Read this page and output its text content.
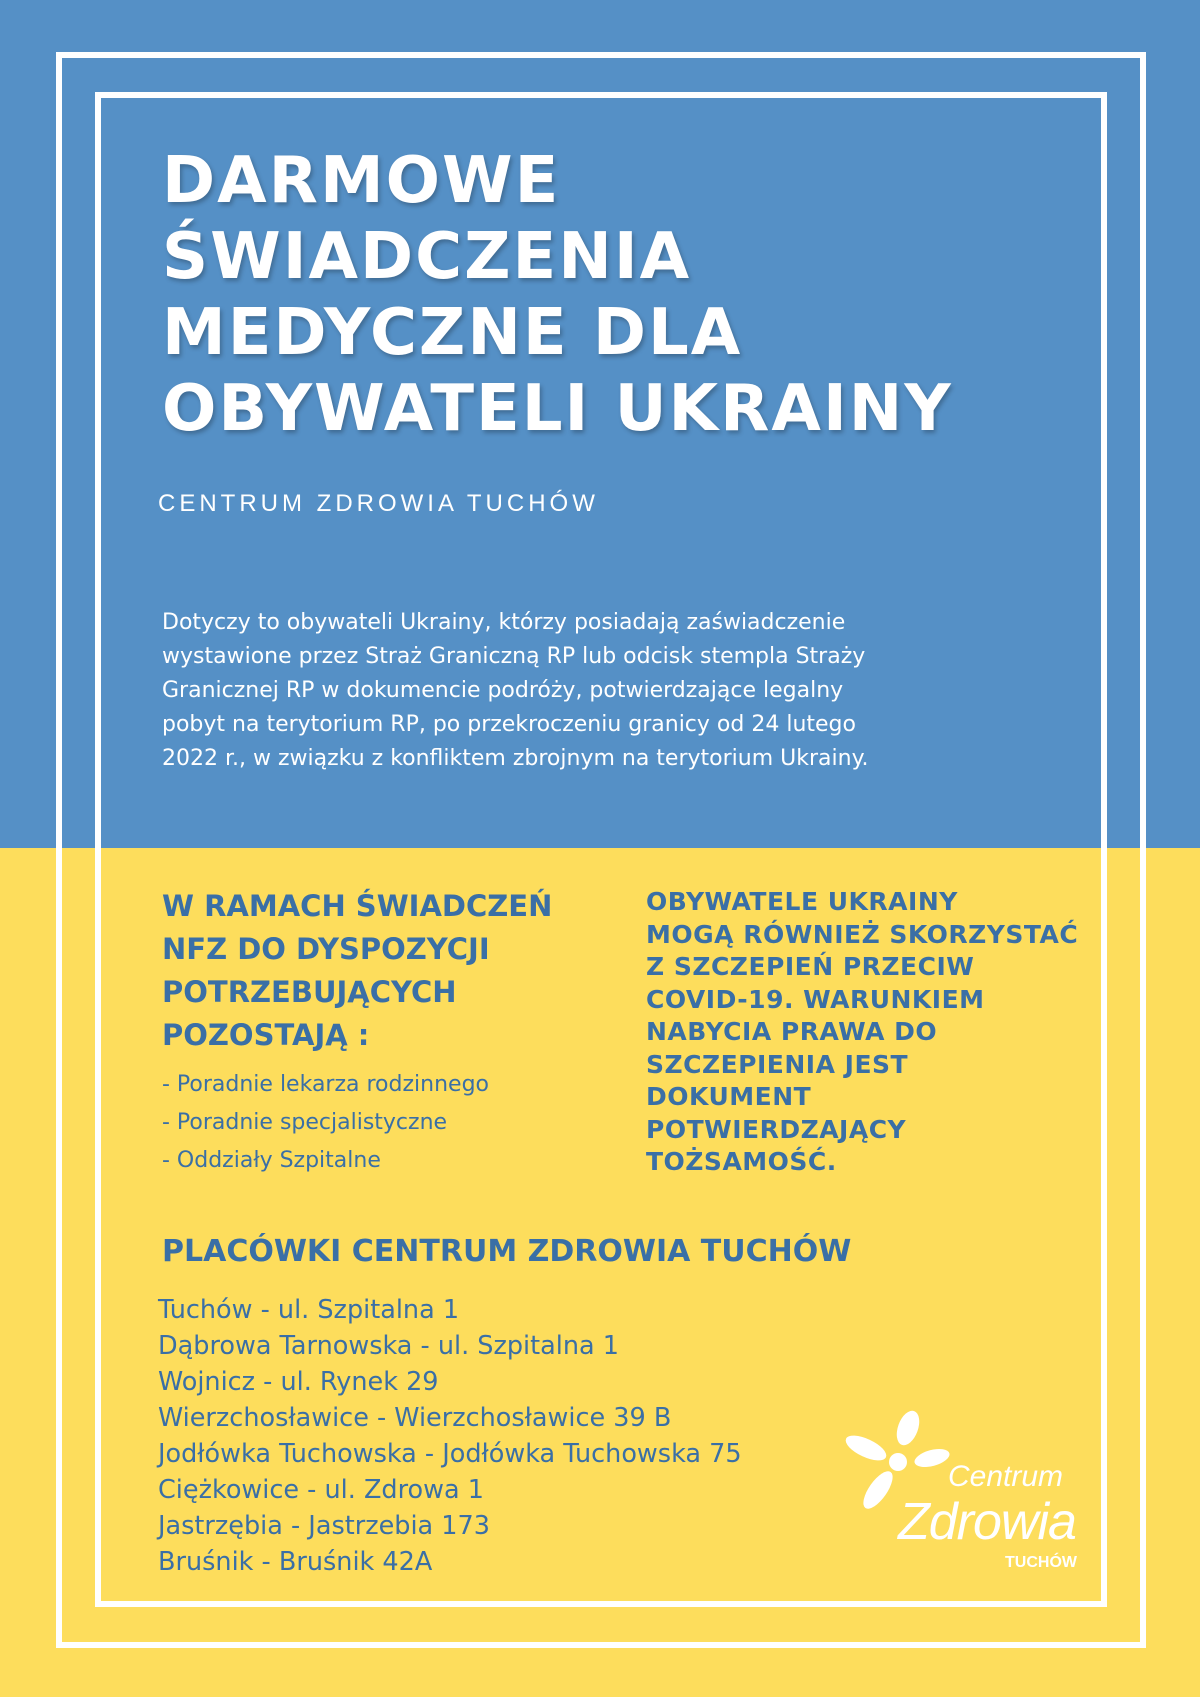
DARMOWE
ŚWIADCZENIA
MEDYCZNE DLA
OBYWATELI UKRAINY
CENTRUM ZDROWIA TUCHÓW

Dotyczy to obywateli Ukrainy, którzy posiadają zaświadczenie
wystawione przez Straż Graniczną RP lub odcisk stempla Straży
Granicznej RP w dokumencie podróży, potwierdzające legalny
pobyt na terytorium RP, po przekroczeniu granicy od 24 lutego
2022 r., w związku z konfliktem zbrojnym na terytorium Ukrainy.

W RAMACH ŚWIADCZEŃ
NFZ DO DYSPOZYCJI
POTRZEBUJĄCYCH
POZOSTAJĄ :
- Poradnie lekarza rodzinnego
- Poradnie specjalistyczne
- Oddziały Szpitalne
OBYWATELE UKRAINY
MOGĄ RÓWNIEŻ SKORZYSTAĆ
Z SZCZEPIEŃ PRZECIW
COVID-19. WARUNKIEM
NABYCIA PRAWA DO
SZCZEPIENIA JEST
DOKUMENT
POTWIERDZAJĄCY
TOŻSAMOŚĆ.
PLACÓWKI CENTRUM ZDROWIA TUCHÓW
Tuchów - ul. Szpitalna 1
Dąbrowa Tarnowska - ul. Szpitalna 1
Wojnicz - ul. Rynek 29
Wierzchosławice - Wierzchosławice 39 B
Jodłówka Tuchowska - Jodłówka Tuchowska 75
Ciężkowice - ul. Zdrowa 1
Jastrzębia - Jastrzebia 173
Bruśnik - Bruśnik 42A
Centrum
Zdrowia
TUCHÓW
